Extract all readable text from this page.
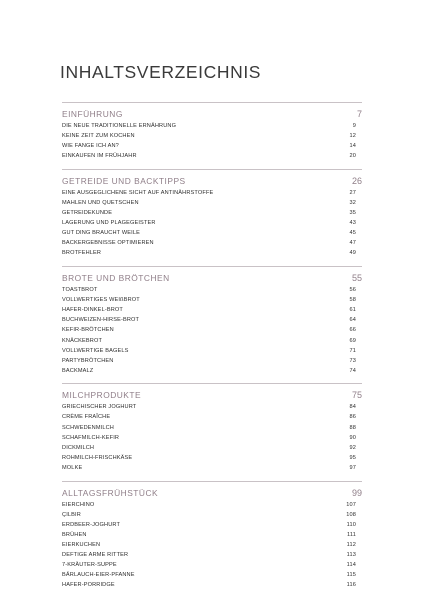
INHALTSVERZEICHNIS
EINFÜHRUNG	7
DIE NEUE TRADITIONELLE ERNÄHRUNG	9
KEINE ZEIT ZUM KOCHEN	12
WIE FANGE ICH AN?	14
EINKAUFEN IM FRÜHJAHR	20
GETREIDE UND BACKTIPPS	26
EINE AUSGEGLICHENE SICHT AUF ANTINÄHRSTOFFE	27
MAHLEN UND QUETSCHEN	32
GETREIDEKUNDE	35
LAGERUNG UND PLAGEGEISTER	43
GUT DING BRAUCHT WEILE	45
BACKERGEBNISSE OPTIMIEREN	47
BROTFEHLER	49
BROTE UND BRÖTCHEN	55
TOASTBROT	56
VOLLWERTIGES WEIßBROT	58
HAFER-DINKEL-BROT	61
BUCHWEIZEN-HIRSE-BROT	64
KEFIR-BRÖTCHEN	66
KNÄCKEBROT	69
VOLLWERTIGE BAGELS	71
PARTYBRÖTCHEN	73
BACKMALZ	74
MILCHPRODUKTE	75
GRIECHISCHER JOGHURT	84
CRÈME FRAÎCHE	86
SCHWEDENMILCH	88
SCHAFMILCH-KEFIR	90
DICKMILCH	92
ROHMILCH-FRISCHKÄSE	95
MOLKE	97
ALLTAGSFRÜHSTÜCK	99
EIERCHINO	107
ÇILBIR	108
ERDBEER-JOGHURT	110
BRÜHEN	111
EIERKUCHEN	112
DEFTIGE ARME RITTER	113
7-KRÄUTER-SUPPE	114
BÄRLAUCH-EIER-PFANNE	115
HAFER-PORRIDGE	116
